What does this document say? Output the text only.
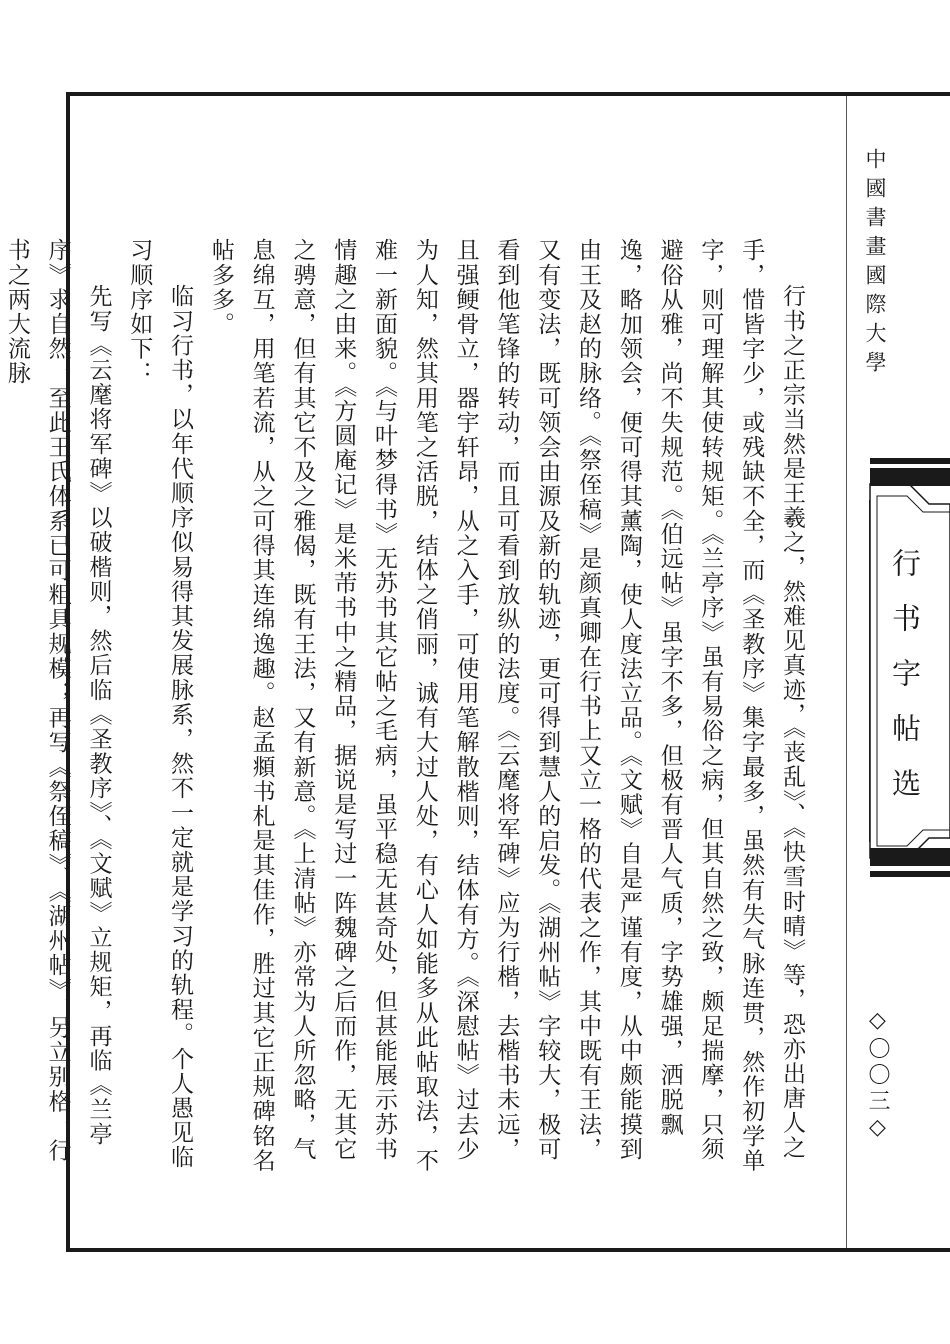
中國書畫國際大學
行书字帖选
◇〇〇三◇

行书之正宗当然是王羲之，然难见真迹，《丧乱》、《快雪时晴》等，恐亦出唐人之手，惜皆字少，或残缺不全，而《圣教序》集字最多，虽然有失气脉连贯，然作初学单字，则可理解其使转规矩。《兰亭序》虽有易俗之病，但其自然之致，颇足揣摩，只须避俗从雅，尚不失规范。《伯远帖》虽字不多，但极有晋人气质，字势雄强，洒脱飘逸，略加领会，便可得其薰陶，使人度法立品。《文赋》自是严谨有度，从中颇能摸到由王及赵的脉络。《祭侄稿》是颜真卿在行书上又立一格的代表之作，其中既有王法，又有变法，既可领会由源及新的轨迹，更可得到慧人的启发。《湖州帖》字较大，极可看到他笔锋的转动，而且可看到放纵的法度。《云麾将军碑》应为行楷，去楷书未远，且强鲠骨立，器宇轩昂，从之入手，可使用笔解散楷则，结体有方。《深慰帖》过去少为人知，然其用笔之活脱，结体之俏丽，诚有大过人处，有心人如能多从此帖取法，不难一新面貌。《与叶梦得书》无苏书其它帖之毛病，虽平稳无甚奇处，但甚能展示苏书情趣之由来。《方圆庵记》是米芾书中之精品，据说是写过一阵魏碑之后而作，无其它之骋意，但有其它不及之雅偈，既有王法，又有新意。《上清帖》亦常为人所忽略，气息绵互，用笔若流，从之可得其连绵逸趣。赵孟頫书札是其佳作，胜过其它正规碑铭名帖多多。

临习行书，以年代顺序似易得其发展脉系，然不一定就是学习的轨程。个人愚见临习顺序如下：

先写《云麾将军碑》以破楷则，然后临《圣教序》、《文赋》立规矩，再临《兰亭序》求自然，至此王氏体系已可粗具规模；再写《祭侄稿》、《湖州帖》，另立别格，行书之两大流脉
